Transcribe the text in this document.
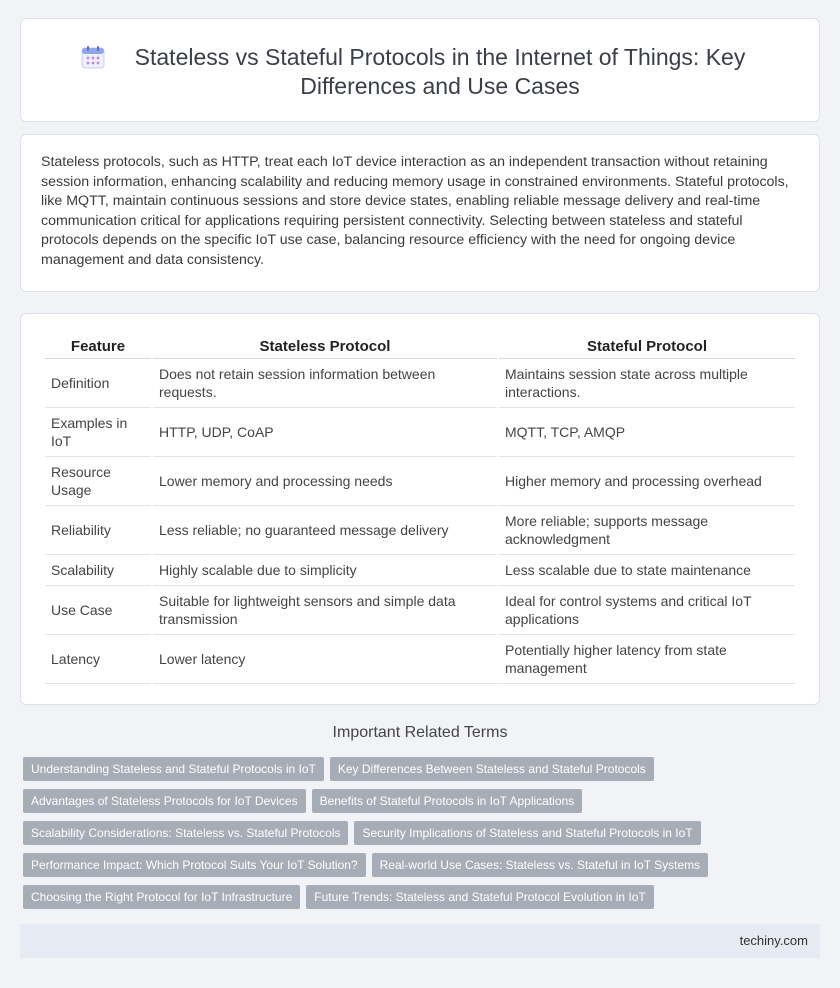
Stateless vs Stateful Protocols in the Internet of Things: Key Differences and Use Cases

Stateless protocols, such as HTTP, treat each IoT device interaction as an independent transaction without retaining session information, enhancing scalability and reducing memory usage in constrained environments. Stateful protocols, like MQTT, maintain continuous sessions and store device states, enabling reliable message delivery and real-time communication critical for applications requiring persistent connectivity. Selecting between stateless and stateful protocols depends on the specific IoT use case, balancing resource efficiency with the need for ongoing device management and data consistency.

Feature	Stateless Protocol	Stateful Protocol
Definition	Does not retain session information between requests.	Maintains session state across multiple interactions.
Examples in IoT	HTTP, UDP, CoAP	MQTT, TCP, AMQP
Resource Usage	Lower memory and processing needs	Higher memory and processing overhead
Reliability	Less reliable; no guaranteed message delivery	More reliable; supports message acknowledgment
Scalability	Highly scalable due to simplicity	Less scalable due to state maintenance
Use Case	Suitable for lightweight sensors and simple data transmission	Ideal for control systems and critical IoT applications
Latency	Lower latency	Potentially higher latency from state management
Important Related Terms
Understanding Stateless and Stateful Protocols in IoT Key Differences Between Stateless and Stateful Protocols
Advantages of Stateless Protocols for IoT Devices Benefits of Stateful Protocols in IoT Applications
Scalability Considerations: Stateless vs. Stateful Protocols Security Implications of Stateless and Stateful Protocols in IoT
Performance Impact: Which Protocol Suits Your IoT Solution? Real-world Use Cases: Stateless vs. Stateful in IoT Systems
Choosing the Right Protocol for IoT Infrastructure Future Trends: Stateless and Stateful Protocol Evolution in IoT
techiny.com
